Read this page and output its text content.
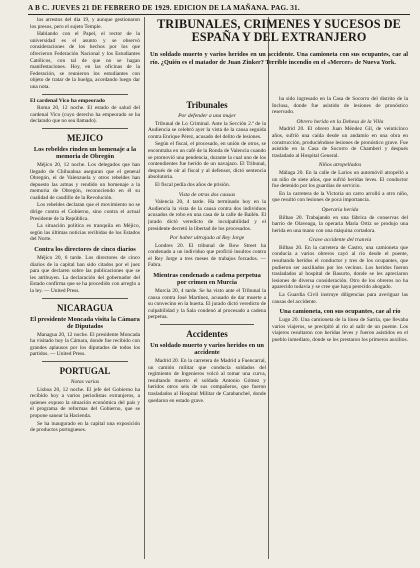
A B C. JUEVES 21 DE FEBRERO DE 1929. EDICION DE LA MAÑANA. PAG. 31.

los arrestos del día 19, y aunque gestionaron los presos, pero el sujeto Temple.

Hablando con el Papel, el rector de la universidad es el asunto y se observó consideraciones de los hechos por los que ofrecieron Federación Nacional y los Estudiantes Católicos, con tal de que no se hagan manifestaciones. Hoy, en las oficinas de la Federación, se reunieron los estudiantes con objeto de tratar de la huelga, acordando luego dar una nota.

El cardenal Vico ha empeorado

Roma 20, 12 noche. El estado de salud del cardenal Vico (cuyo derecho ha empeorado se ha declarado que no sea llamado).

MEJICO
Los rebeldes rinden un homenaje a la memoria de Obregón

Méjico 20, 12 noche. Los delegados que han llegado de Chihuahua aseguran que el general Obregón, el de Valenzuela y otros rebeldes han depuesto las armas y rendido un homenaje a la memoria de Obregón, reconociendo en él su cualidad de caudillo de la Revolución.

Los rebeldes declaran que el movimiento no se dirige contra el Gobierno, sino contra el actual Presidente de la República.

La situación política es tranquila en Méjico, según las últimas noticias recibidas de los Estados del Norte.

Contra los directores de cinco diarios

Méjico 20, 6 tarde. Los directores de cinco diarios de la capital han sido citados por el juez para que declaren sobre las publicaciones que se les atribuyen. La declaración del gobernador del Estado confirma que se ha procedido con arreglo a la ley. — United Press.

NICARAGUA
El presidente Moncada visita la Cámara de Diputados

Managua 20, 12 noche. El presidente Moncada ha visitado hoy la Cámara, donde fue recibido con grandes aplausos por los diputados de todos los partidos. — United Press.

PORTUGAL
Notas varias

Lisboa 20, 12 noche. El jefe del Gobierno ha recibido hoy a varios periodistas extranjeros, a quienes expuso la situación económica del país y el programa de reformas del Gobierno, que se propone sanear la Hacienda.

Se ha inaugurado en la capital una exposición de productos portugueses.

TRIBUNALES, CRIMENES Y SUCESOS DE ESPAÑA Y DEL EXTRANJERO
Un soldado muerto y varios heridos en un accidente. Una camioneta con sus ocupantes, cae al río. ¿Quién es el matador de Juan Zinker? Terrible incendio en el «Mercer» de Nueva York.
Tribunales
Por defender a una mujer

Tribunal de Lo Criminal. Ante la Sección 2.ª de la Audiencia se celebró ayer la vista de la causa seguida contra Enrique Pérez, acusado del delito de lesiones.

Según el fiscal, el procesado, en unión de otros, se encontraba en un café de la Ronda de Valencia cuando se promovió una pendencia, durante la cual uno de los contendientes fue herido de un navajazo. El Tribunal, después de oír al fiscal y al defensor, dictó sentencia absolutoria.

El fiscal pedía dos años de prisión.

Vista de otras dos causas

Valencia 20, 4 tarde. Ha terminado hoy en la Audiencia la vista de la causa contra dos individuos acusados de robo en una casa de la calle de Bailén. El jurado dictó veredicto de inculpabilidad y el presidente decretó la libertad de los procesados.

Por haber ultrajado al Rey Jorge

Londres 20. El tribunal de Bow Street ha condenado a un individuo que profirió insultos contra el Rey Jorge a tres meses de trabajos forzados. — Fabra.

Mientras condenado a cadena perpetua por crimen en Murcia

Murcia 20, 4 tarde. Se ha visto ante el Tribunal la causa contra José Martínez, acusado de dar muerte a su convecino en la huerta. El jurado dictó veredicto de culpabilidad y la Sala condenó al procesado a cadena perpetua.

Accidentes
Un soldado muerto y varios heridos en un accidente

Madrid 20. En la carretera de Madrid a Fuencarral, un camión militar que conducía soldados del regimiento de Ingenieros volcó al tomar una curva, resultando muerto el soldado Antonio Gómez y heridos otros seis de sus compañeros, que fueron trasladados al Hospital Militar de Carabanchel, donde quedaron en estado grave.

ha sido ingresado en la Casa de Socorro del distrito de la Inclusa, donde fue asistido de lesiones de pronóstico reservado.

Obrero herido en la Dehesa de la Villa

Madrid 20. El obrero Juan Méndez Gil, de veinticinco años, sufrió una caída desde un andamio en una obra en construcción, produciéndose lesiones de pronóstico grave. Fue asistido en la Casa de Socorro de Chamberí y después trasladado al Hospital General.

Niños atropellados

Málaga 20. En la calle de Larios un automóvil atropelló a un niño de siete años, que sufrió heridas leves. El conductor fue detenido por los guardias de servicio.

En la carretera de la Victoria un carro arrolló a otro niño, que resultó con lesiones de poca importancia.

Operaria herida

Bilbao 20. Trabajando en una fábrica de conservas del barrio de Olaveaga, la operaria María Ortiz se produjo una herida en una mano con una máquina cortadora.

Grave accidente del tranvía

Bilbao 20. En la carretera de Castro, una camioneta que conducía a varios obreros cayó al río desde el puente, resultando heridos el conductor y tres de los ocupantes, que pudieron ser auxiliados por los vecinos. Los heridos fueron trasladados al hospital de Basurto, donde se les apreciaron lesiones de diversa consideración. Otro de los obreros no ha aparecido todavía y se cree que haya perecido ahogado.

La Guardia Civil instruye diligencias para averiguar las causas del accidente.

Una camioneta, con sus ocupantes, cae al río

Lugo 20. Una camioneta de la línea de Sarria, que llevaba varios viajeros, se precipitó al río al salir de un puente. Los viajeros resultaron con heridas leves y fueron asistidos en el pueblo inmediato, donde se les prestaron los primeros auxilios.
